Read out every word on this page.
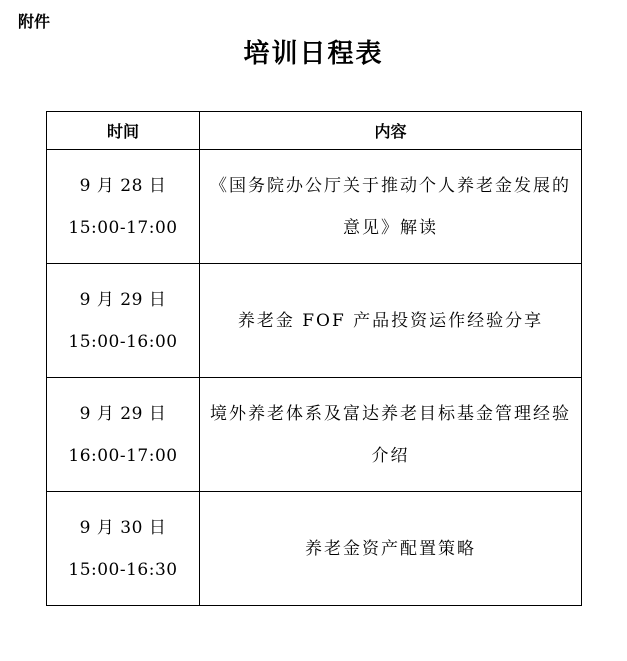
附件
培训日程表
时间	内容

9 月 28 日
15:00-17:00	《国务院办公厅关于推动个人养老金发展的意见》解读

9 月 29 日
15:00-16:00	养老金 FOF 产品投资运作经验分享

9 月 29 日
16:00-17:00	境外养老体系及富达养老目标基金管理经验介绍

9 月 30 日
15:00-16:30	养老金资产配置策略
